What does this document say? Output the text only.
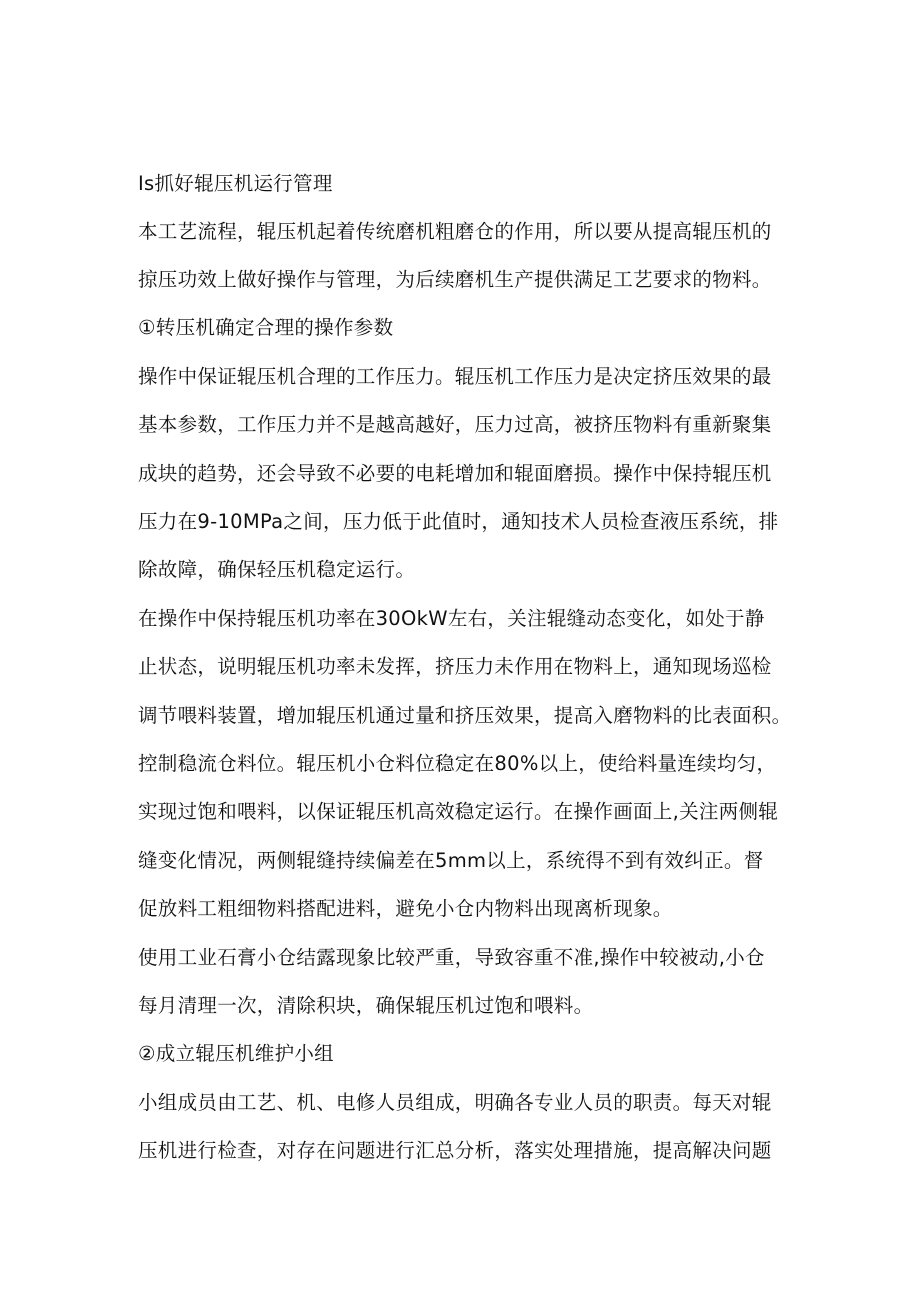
Is抓好辊压机运行管理
本工艺流程，辊压机起着传统磨机粗磨仓的作用，所以要从提高辊压机的
掠压功效上做好操作与管理，为后续磨机生产提供满足工艺要求的物料。
①转压机确定合理的操作参数
操作中保证辊压机合理的工作压力。辊压机工作压力是决定挤压效果的最
基本参数，工作压力并不是越高越好，压力过高，被挤压物料有重新聚集
成块的趋势，还会导致不必要的电耗增加和辊面磨损。操作中保持辊压机
压力在9-10MPa之间，压力低于此值时，通知技术人员检查液压系统，排
除故障，确保轻压机稳定运行。
在操作中保持辊压机功率在30OkW左右，关注辊缝动态变化，如处于静
止状态，说明辊压机功率未发挥，挤压力未作用在物料上，通知现场巡检
调节喂料装置，增加辊压机通过量和挤压效果，提高入磨物料的比表面积。
控制稳流仓料位。辊压机小仓料位稳定在80%以上，使给料量连续均匀，
实现过饱和喂料，以保证辊压机高效稳定运行。在操作画面上,关注两侧辊
缝变化情况，两侧辊缝持续偏差在5mm以上，系统得不到有效纠正。督
促放料工粗细物料搭配进料，避免小仓内物料出现离析现象。
使用工业石膏小仓结露现象比较严重，导致容重不准,操作中较被动,小仓
每月清理一次，清除积块，确保辊压机过饱和喂料。
②成立辊压机维护小组
小组成员由工艺、机、电修人员组成，明确各专业人员的职责。每天对辊
压机进行检查，对存在问题进行汇总分析，落实处理措施，提高解决问题
